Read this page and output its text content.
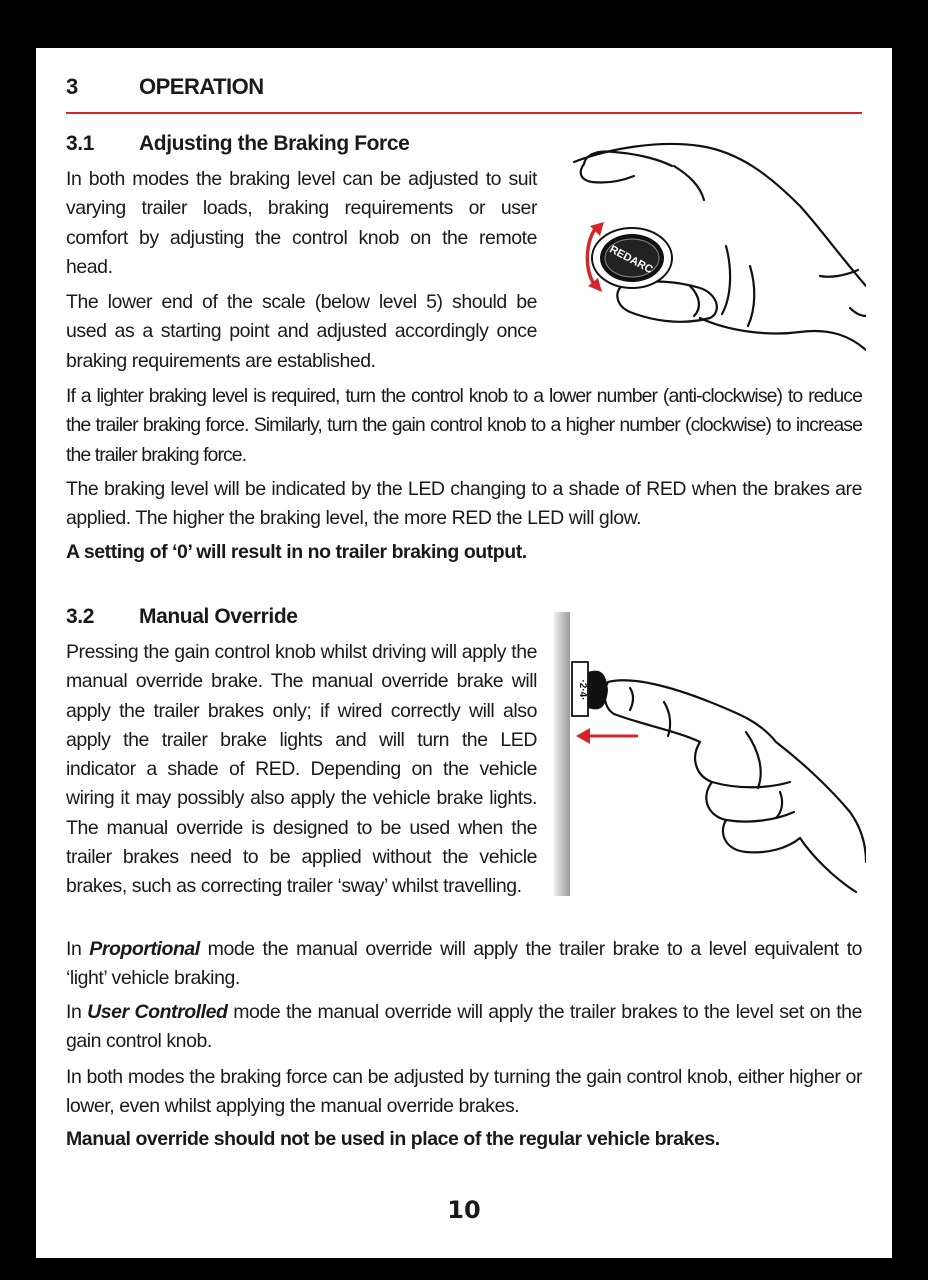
3	OPERATION
3.1 Adjusting the Braking Force

In both modes the braking level can be adjusted to suit varying trailer loads, braking requirements or user comfort by adjusting the control knob on the remote head.

The lower end of the scale (below level 5) should be used as a starting point and adjusted accordingly once braking requirements are established.

If a lighter braking level is required, turn the control knob to a lower number (anti-clockwise) to reduce the trailer braking force. Similarly, turn the gain control knob to a higher number (clockwise) to increase the trailer braking force.

The braking level will be indicated by the LED changing to a shade of RED when the brakes are applied. The higher the braking level, the more RED the LED will glow.

A setting of ‘0’ will result in no trailer braking output.

REDARC
3.2 Manual Override

Pressing the gain control knob whilst driving will apply the manual override brake. The manual override brake will apply the trailer brakes only; if wired correctly will also apply the trailer brake lights and will turn the LED indicator a shade of RED. Depending on the vehicle wiring it may possibly also apply the vehicle brake lights. The manual override is designed to be used when the trailer brakes need to be applied without the vehicle brakes, such as correcting trailer ‘sway’ whilst travelling.

In Proportional mode the manual override will apply the trailer brake to a level equivalent to ‘light’ vehicle braking.

In User Controlled mode the manual override will apply the trailer brakes to the level set on the gain control knob.

In both modes the braking force can be adjusted by turning the gain control knob, either higher or lower, even whilst applying the manual override brakes.

Manual override should not be used in place of the regular vehicle brakes.

·2·4·
10
